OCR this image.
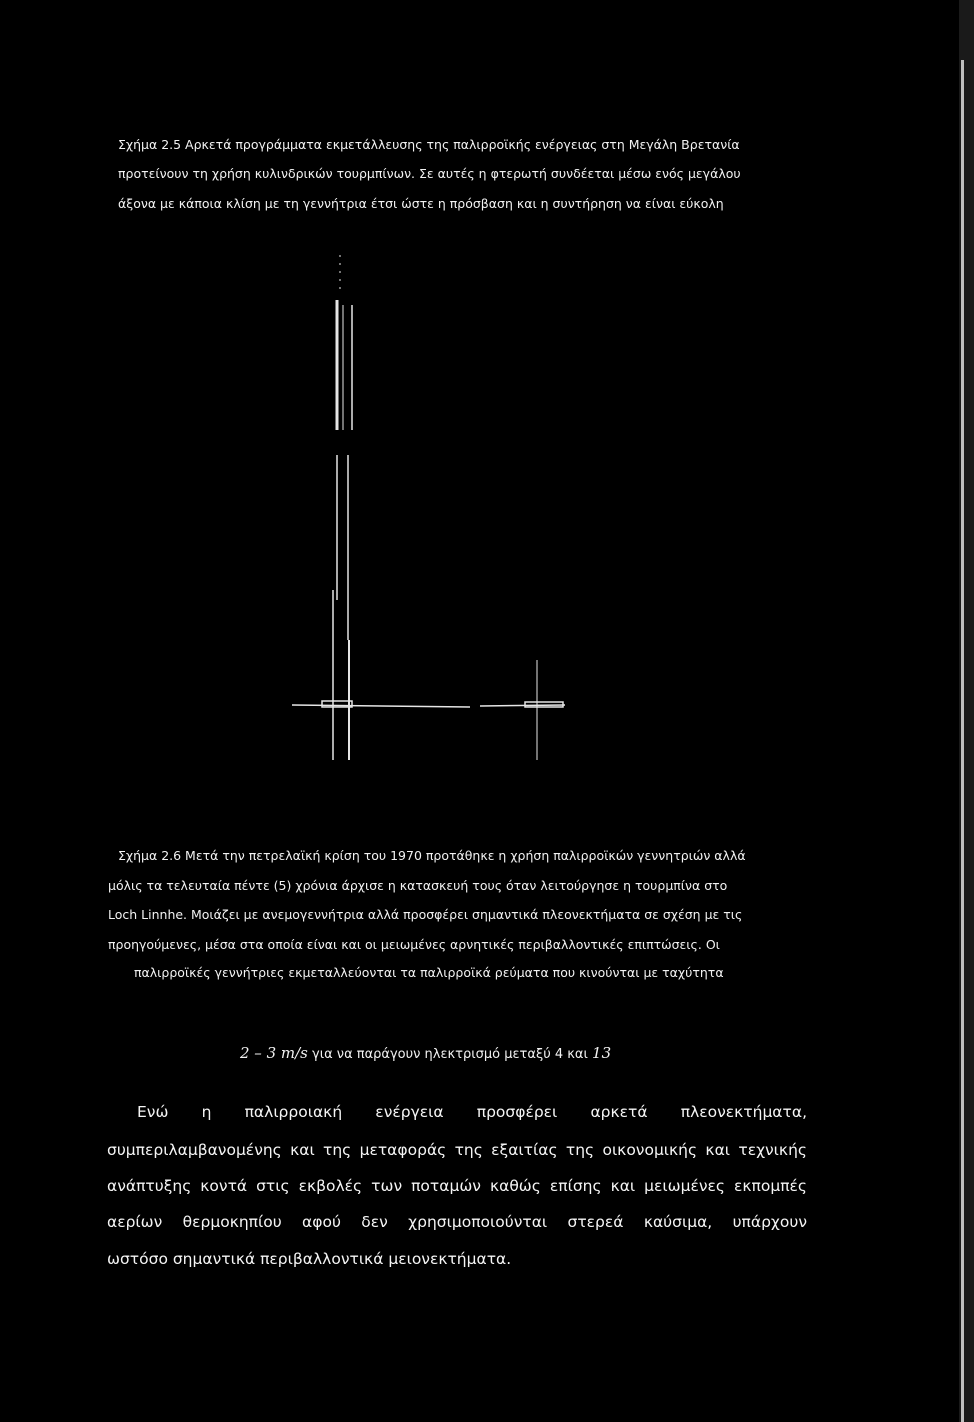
Σχήμα 2.5 Αρκετά προγράμματα εκμετάλλευσης της παλιρροϊκής ενέργειας στη Μεγάλη Βρετανία
προτείνουν τη χρήση κυλινδρικών τουρμπίνων. Σε αυτές η φτερωτή συνδέεται μέσω ενός μεγάλου
άξονα με κάποια κλίση με τη γεννήτρια έτσι ώστε η πρόσβαση και η συντήρηση να είναι εύκολη
Σχήμα 2.6 Μετά την πετρελαϊκή κρίση του 1970 προτάθηκε η χρήση παλιρροϊκών γεννητριών αλλά
μόλις τα τελευταία πέντε (5) χρόνια άρχισε η κατασκευή τους όταν λειτούργησε η τουρμπίνα στο
Loch Linnhe. Μοιάζει με ανεμογεννήτρια αλλά προσφέρει σημαντικά πλεονεκτήματα σε σχέση με τις
προηγούμενες, μέσα στα οποία είναι και οι μειωμένες αρνητικές περιβαλλοντικές επιπτώσεις. Οι
παλιρροϊκές γεννήτριες εκμεταλλεύονται τα παλιρροϊκά ρεύματα που κινούνται με ταχύτητα
2 – 3 m/s για να παράγουν ηλεκτρισμό μεταξύ 4 και 13
Ενώ η παλιρροιακή ενέργεια προσφέρει αρκετά πλεονεκτήματα,
συμπεριλαμβανομένης και της μεταφοράς της εξαιτίας της οικονομικής και τεχνικής
ανάπτυξης κοντά στις εκβολές των ποταμών καθώς επίσης και μειωμένες εκπομπές
αερίων θερμοκηπίου αφού δεν χρησιμοποιούνται στερεά καύσιμα, υπάρχουν
ωστόσο σημαντικά περιβαλλοντικά μειονεκτήματα.
